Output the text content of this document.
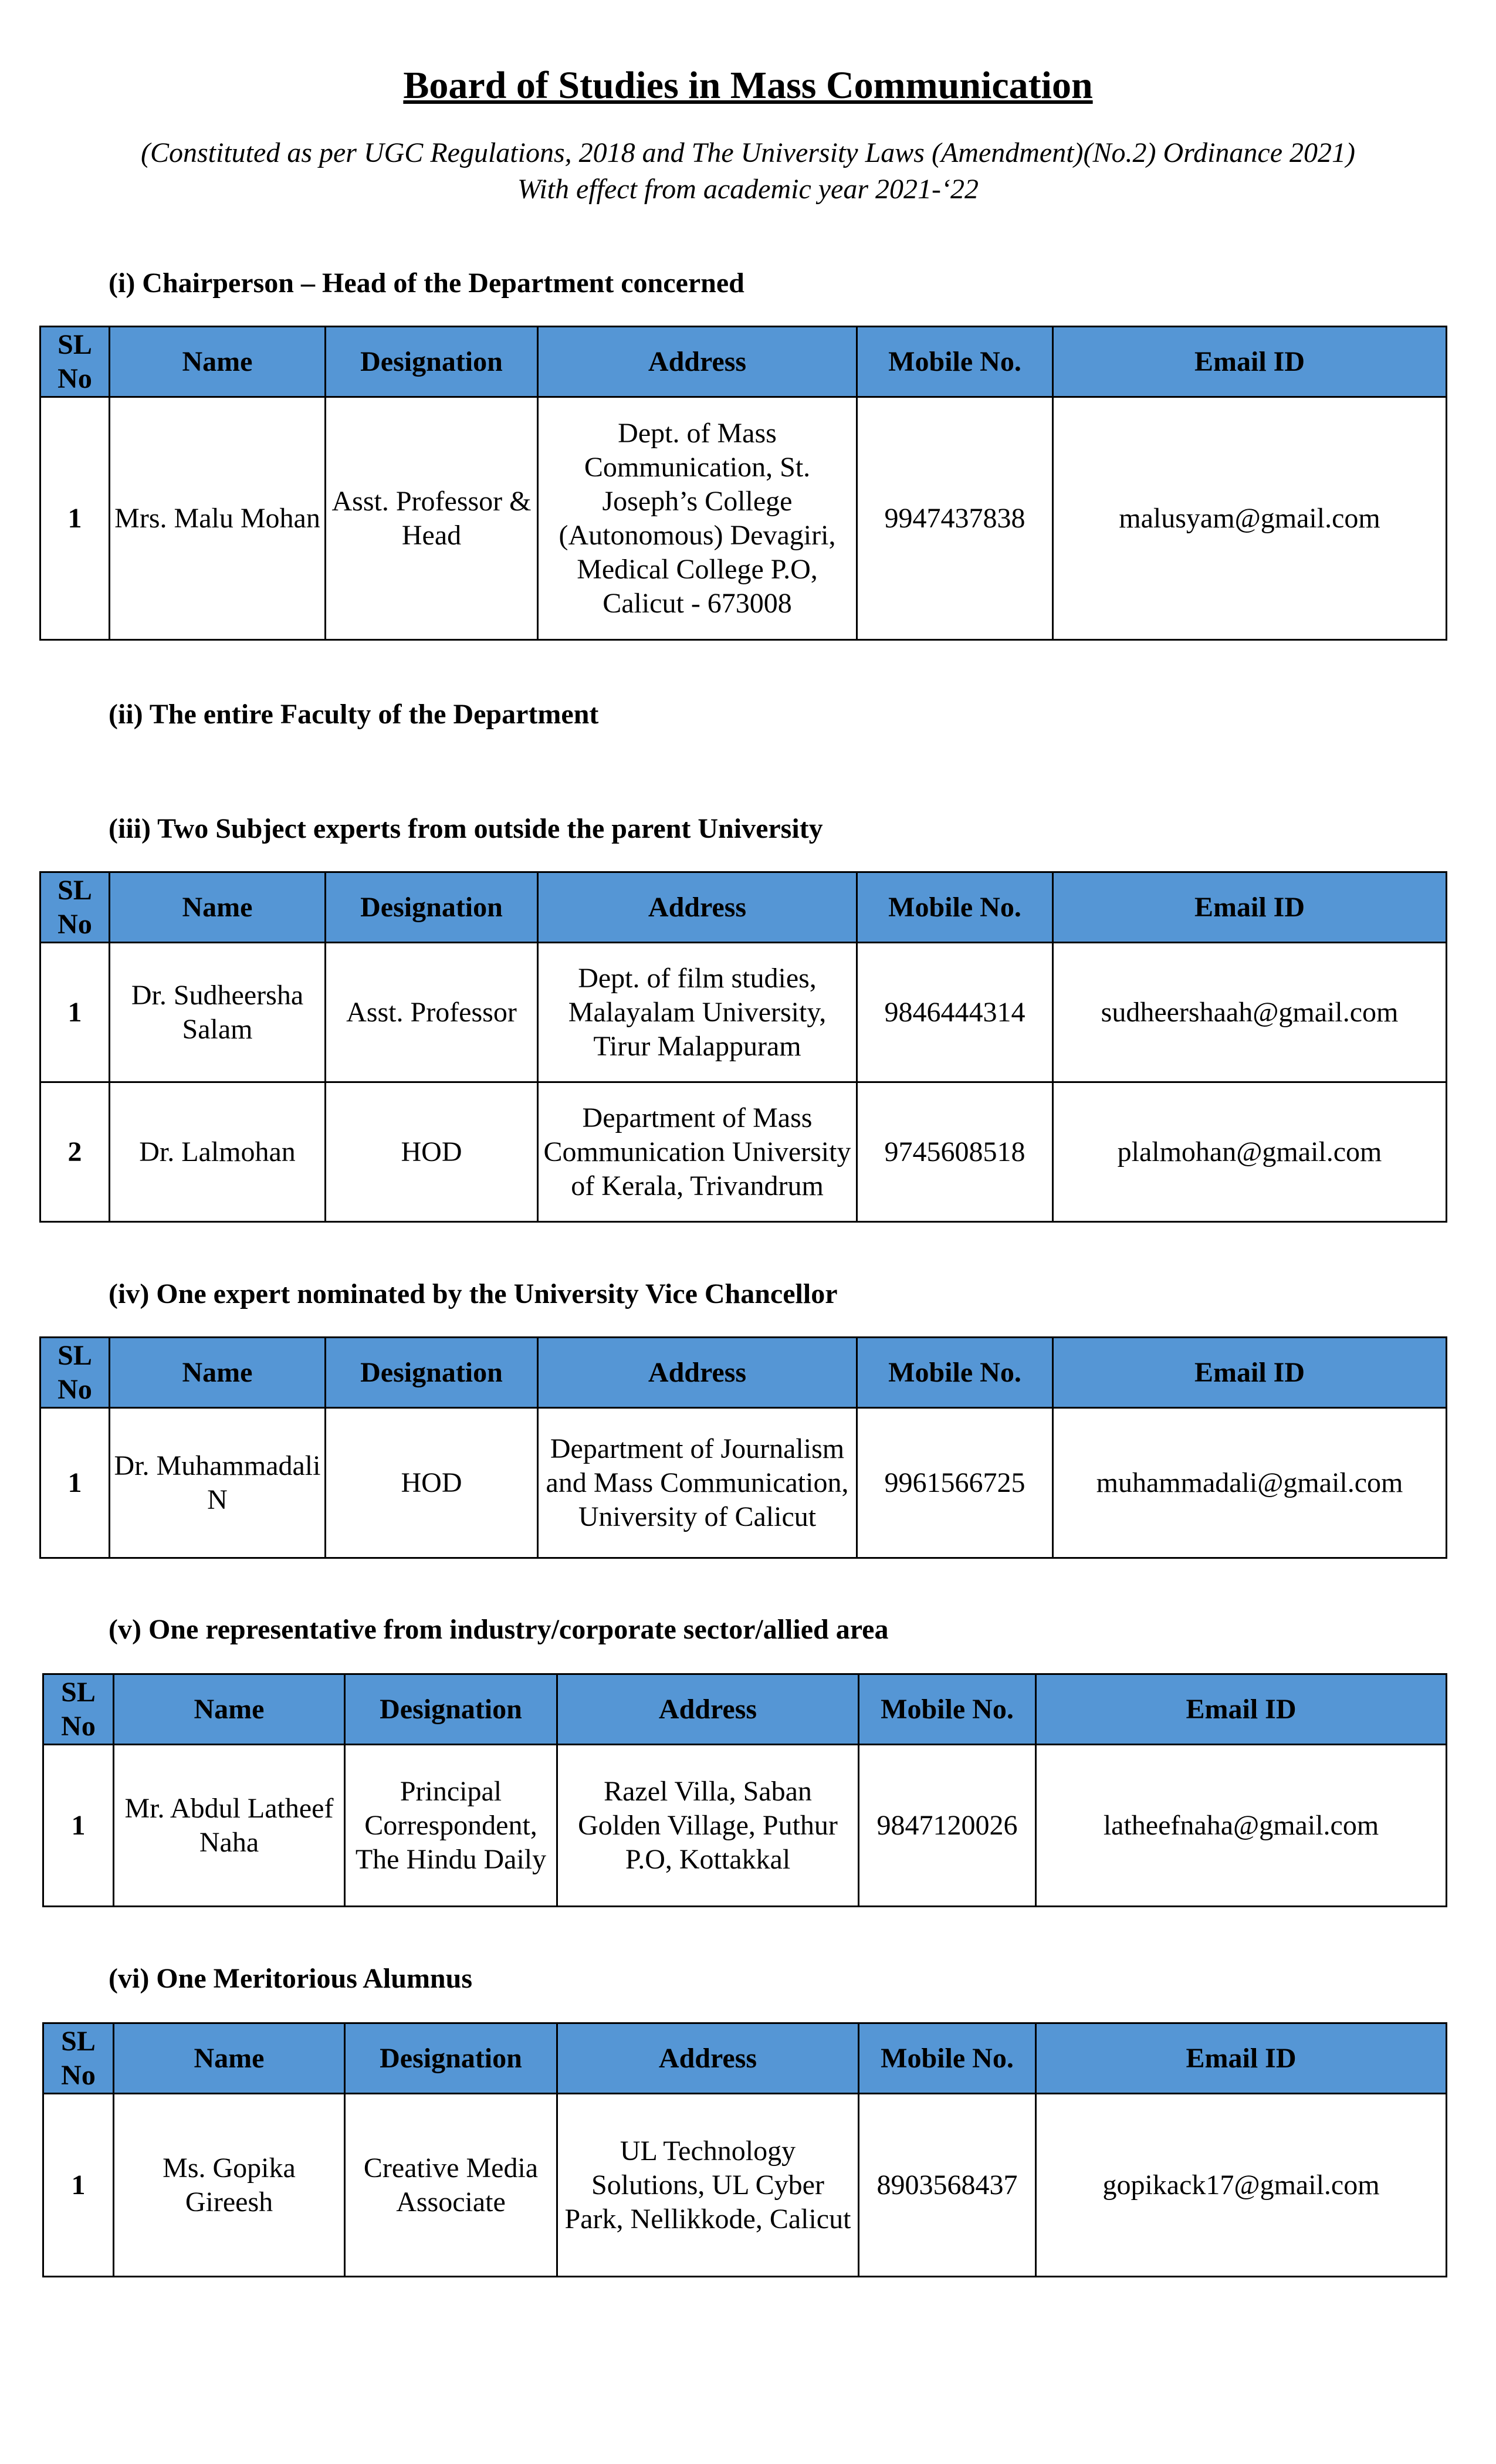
Board of Studies in Mass Communication
(Constituted as per UGC Regulations, 2018 and The University Laws (Amendment)(No.2) Ordinance 2021)
With effect from academic year 2021-‘22
(i) Chairperson – Head of the Department concerned
SL No	Name	Designation	Address	Mobile No.	Email ID
1	Mrs. Malu Mohan	Asst. Professor & Head	Dept. of Mass Communication, St. Joseph’s College (Autonomous) Devagiri, Medical College P.O, Calicut - 673008	9947437838	malusyam@gmail.com
(ii) The entire Faculty of the Department
(iii) Two Subject experts from outside the parent University
SL No	Name	Designation	Address	Mobile No.	Email ID
1	Dr. Sudheersha Salam	Asst. Professor	Dept. of film studies, Malayalam University, Tirur Malappuram	9846444314	sudheershaah@gmail.com
2	Dr. Lalmohan	HOD	Department of Mass Communication University of Kerala, Trivandrum	9745608518	plalmohan@gmail.com
(iv) One expert nominated by the University Vice Chancellor
SL No	Name	Designation	Address	Mobile No.	Email ID
1	Dr. Muhammadali N	HOD	Department of Journalism and Mass Communication, University of Calicut	9961566725	muhammadali@gmail.com
(v) One representative from industry/corporate sector/allied area
SL No	Name	Designation	Address	Mobile No.	Email ID
1	Mr. Abdul Latheef Naha	Principal Correspondent, The Hindu Daily	Razel Villa, Saban Golden Village, Puthur P.O, Kottakkal	9847120026	latheefnaha@gmail.com
(vi) One Meritorious Alumnus
SL No	Name	Designation	Address	Mobile No.	Email ID
1	Ms. Gopika Gireesh	Creative Media Associate	UL Technology Solutions, UL Cyber Park, Nellikkode, Calicut	8903568437	gopikack17@gmail.com
